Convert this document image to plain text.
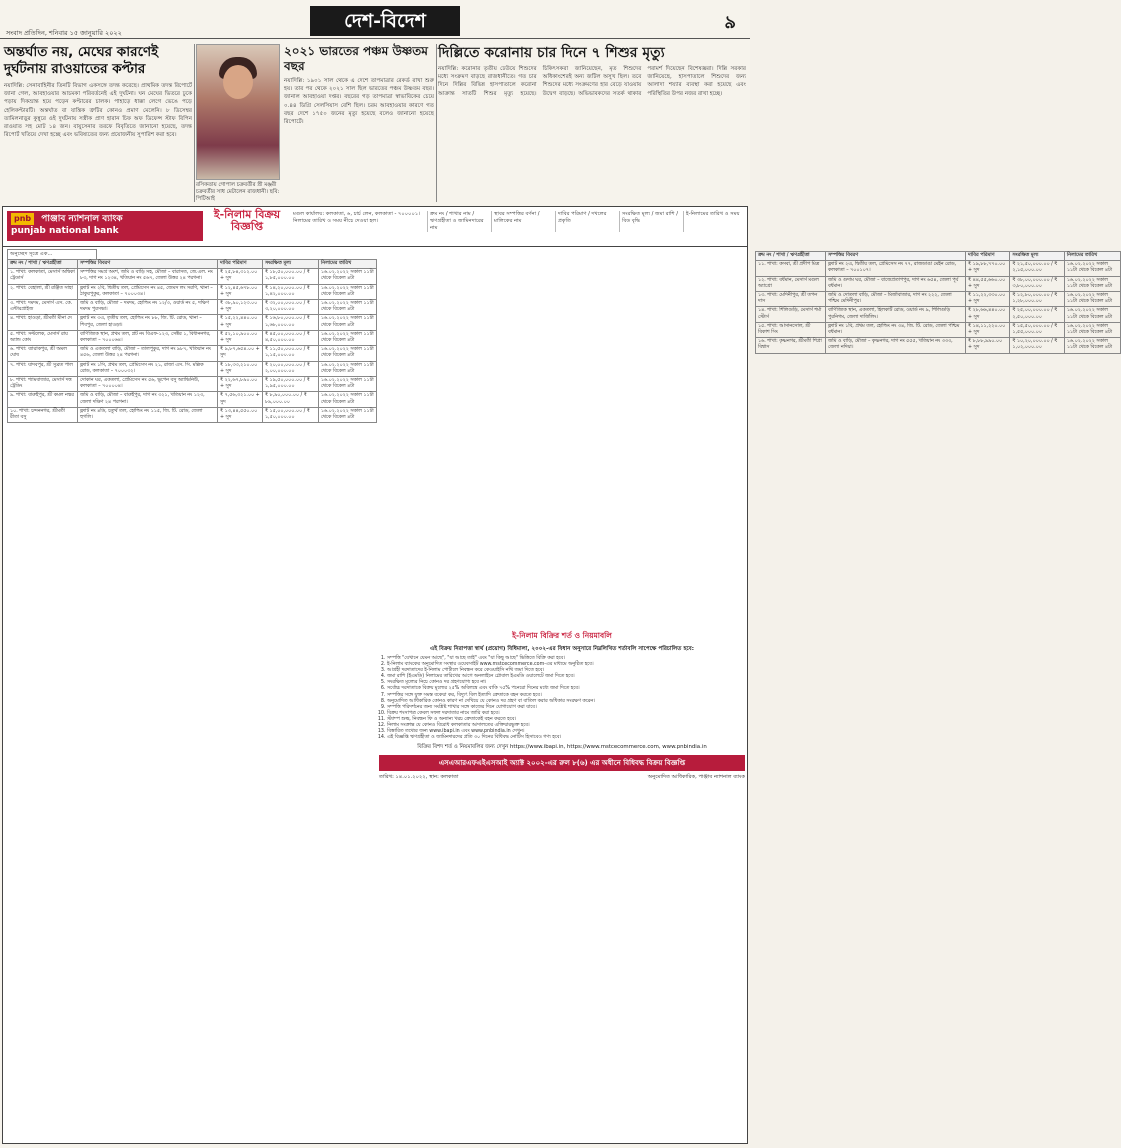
সংবাদ প্রতিদিন, শনিবার ১৫ জানুয়ারি ২০২২
দেশ-বিদেশ	৯
অন্তর্ঘাত নয়, মেঘের কারণেই দুর্ঘটনায় রাওয়াতের কপ্টার
নয়াদিল্লি: সেনাবাহিনীর তিনটি বিভাগ একসঙ্গে তদন্ত করেছে। প্রাথমিক তদন্ত রিপোর্টে জানা গেল, আবহাওয়ার আচমকা পরিবর্তনেই এই দুর্ঘটনা। ঘন মেঘের ভিতরে ঢুকে পড়ায় দিকভ্রান্ত হয়ে পড়েন কপ্টারের চালক। পাহাড়ে ধাক্কা লেগে ভেঙে পড়ে হেলিকপ্টারটি। অন্তর্ঘাত বা যান্ত্রিক ত্রুটির কোনও প্রমাণ মেলেনি। ৮ ডিসেম্বর তামিলনাড়ুর কুন্নুরে ওই দুর্ঘটনায় সস্ত্রীক প্রাণ হারান চিফ অফ ডিফেন্স স্টাফ বিপিন রাওয়াত সহ মোট ১৪ জন। বায়ুসেনার তরফে বিবৃতিতে জানানো হয়েছে, তদন্ত রিপোর্ট খতিয়ে দেখা হচ্ছে এবং ভবিষ্যতের জন্য প্রয়োজনীয় সুপারিশ করা হবে।
রসিকতায় গোপাল চক্রবর্তীর স্ত্রী মঞ্জরী চক্রবর্তীর সাধ মেটালেন রাজধানী। ছবি: পিটিআই
২০২১ ভারতের পঞ্চম উষ্ণতম বছর
নয়াদিল্লি: ১৯০১ সাল থেকে এ দেশে তাপমাত্রার রেকর্ড রাখা শুরু হয়। তার পর থেকে ২০২১ সাল ছিল ভারতের পঞ্চম উষ্ণতম বছর। জানাল আবহাওয়া দপ্তর। বছরের গড় তাপমাত্রা স্বাভাবিকের চেয়ে ০.৪৪ ডিগ্রি সেলসিয়াস বেশি ছিল। চরম আবহাওয়ার কারণে গত বছর দেশে ১৭৫০ জনের মৃত্যু হয়েছে বলেও জানানো হয়েছে রিপোর্টে।
দিল্লিতে করোনায় চার দিনে ৭ শিশুর মৃত্যু
নয়াদিল্লি: করোনার তৃতীয় ঢেউয়ে শিশুদের মধ্যে সংক্রমণ বাড়ছে রাজধানীতে। গত চার দিনে দিল্লির বিভিন্ন হাসপাতালে করোনা আক্রান্ত সাতটি শিশুর মৃত্যু হয়েছে। চিকিৎসকরা জানিয়েছেন, মৃত শিশুদের অধিকাংশেরই অন্য জটিল অসুখ ছিল। তবে শিশুদের মধ্যে সংক্রমণের হার বেড়ে যাওয়ায় উদ্বেগ বাড়ছে। অভিভাবকদের সতর্ক থাকার পরামর্শ দিয়েছেন বিশেষজ্ঞরা। দিল্লি সরকার জানিয়েছে, হাসপাতালে শিশুদের জন্য আলাদা শয্যার ব্যবস্থা করা হয়েছে এবং পরিস্থিতির উপর নজর রাখা হচ্ছে।
pnb পাঞ্জাব ন্যাশনাল ব্যাংক
punjab national bank
ই-নিলাম বিক্রয় বিজ্ঞপ্তি
মণ্ডল কার্যালয়: কলকাতা, ৬, চার্চ লেন, কলকাতা - ৭০০০০১। নিলামের তারিখ ও সময় নীচে দেওয়া হল।
ক্রম নং / শাখার নাম / ঋণগ্রহীতা ও জামিনদারের নাম
স্থাবর সম্পত্তির বর্ণনা / মালিকের নাম
দাবির পরিমাণ / দখলের প্রকৃতি
সংরক্ষিত মূল্য / জমা রাশি / বিড বৃদ্ধি
ই-নিলামের তারিখ ও সময়
অনুচ্ছেদ সূত্রে এক...
ক্রম নং / শাখা / ঋণগ্রহীতা	সম্পত্তির বিবরণ	দাবির পরিমাণ	সংরক্ষিত মূল্য	নিলামের তারিখ
১. শাখা: কলকাতা, মেসার্স অম্বিকা ট্রেডার্স	সম্পত্তির সমগ্র অংশ, জমি ও বাড়ি সহ, মৌজা – বারাসত, জে.এল. নং ৮৩, দাগ নং ১২৩৪, খতিয়ান নং ৫৬৭, জেলা উত্তর ২৪ পরগনা।	₹ ২৫,৮৪,৩১২.০০ + সুদ	₹ ১৮,৫০,০০০.০০ / ₹ ১,৮৫,০০০.০০	১৬.০২.২০২২ সকাল ১১টা থেকে বিকেল ৪টা
২. শাখা: বেহালা, শ্রী রঞ্জিত সাহা	ফ্ল্যাট নং ২বি, দ্বিতীয় তল, প্রেমিসেস নং ৪৫, জেমস লং সরণি, থানা – ঠাকুরপুকুর, কলকাতা – ৭০০০৩৪।	₹ ১২,৪৫,৬৭৮.০০ + সুদ	₹ ১৪,২০,০০০.০০ / ₹ ১,৪২,০০০.০০	১৬.০২.২০২২ সকাল ১১টা থেকে বিকেল ৪টা
৩. শাখা: দমদম, মেসার্স এস. কে. এন্টারপ্রাইজ	জমি ও বাড়ি, মৌজা – দমদম, হোল্ডিং নং ১২/৩, ওয়ার্ড নং ৫, দক্ষিণ দমদম পুরসভা।	₹ ৩৮,৯০,১২৩.০০ + সুদ	₹ ৩২,০০,০০০.০০ / ₹ ৩,২০,০০০.০০	১৬.০২.২০২২ সকাল ১১টা থেকে বিকেল ৪টা
৪. শাখা: হাওড়া, শ্রীমতী মীনা দে	ফ্ল্যাট নং ৩এ, তৃতীয় তল, হোল্ডিং নং ৮৮, জি. টি. রোড, থানা – শিবপুর, জেলা হাওড়া।	₹ ১৫,২২,৪৪০.০০ + সুদ	₹ ১৬,৮০,০০০.০০ / ₹ ১,৬৮,০০০.০০	১৬.০২.২০২২ সকাল ১১টা থেকে বিকেল ৪টা
৫. শাখা: সল্টলেক, মেসার্স রায় অ্যান্ড কোং	বাণিজ্যিক স্থান, প্রথম তল, প্লট নং বিএফ-১২৩, সেক্টর ১, বিধাননগর, কলকাতা – ৭০০০৬৪।	₹ ৫২,১০,৯০০.০০ + সুদ	₹ ৪৫,০০,০০০.০০ / ₹ ৪,৫০,০০০.০০	১৬.০২.২০২২ সকাল ১১টা থেকে বিকেল ৪টা
৬. শাখা: ব্যারাকপুর, শ্রী অমল ঘোষ	জমি ও একতলা বাড়ি, মৌজা – তালপুকুর, দাগ নং ৯৮৭, খতিয়ান নং ৪৫৬, জেলা উত্তর ২৪ পরগনা।	₹ ৯,৮৭,৬৫৪.০০ + সুদ	₹ ১১,৫০,০০০.০০ / ₹ ১,১৫,০০০.০০	১৬.০২.২০২২ সকাল ১১টা থেকে বিকেল ৪টা
৭. শাখা: যাদবপুর, শ্রী সুব্রত পাল	ফ্ল্যাট নং ১সি, প্রথম তল, প্রেমিসেস নং ২১, রাজা এস. সি. মল্লিক রোড, কলকাতা – ৭০০০৩২।	₹ ১৮,৩৩,২১০.০০ + সুদ	₹ ২০,০০,০০০.০০ / ₹ ২,০০,০০০.০০	১৬.০২.২০২২ সকাল ১১টা থেকে বিকেল ৪টা
৮. শাখা: শ্যামবাজার, মেসার্স দত্ত ট্রেডিং	দোকান ঘর, একতলা, প্রেমিসেস নং ৫৬, ভূপেন বসু অ্যাভিনিউ, কলকাতা – ৭০০০০৪।	₹ ২২,৬৭,৮৯০.০০ + সুদ	₹ ১৯,৫০,০০০.০০ / ₹ ১,৯৫,০০০.০০	১৬.০২.২০২২ সকাল ১১টা থেকে বিকেল ৪টা
৯. শাখা: বারুইপুর, শ্রী কমল নস্কর	জমি ও বাড়ি, মৌজা – বারুইপুর, দাগ নং ৩২১, খতিয়ান নং ১২৩, জেলা দক্ষিণ ২৪ পরগনা।	₹ ৭,৫৬,৩২১.০০ + সুদ	₹ ৮,৯০,০০০.০০ / ₹ ৮৯,০০০.০০	১৬.০২.২০২২ সকাল ১১টা থেকে বিকেল ৪টা
১০. শাখা: চন্দননগর, শ্রীমতী রীতা বসু	ফ্ল্যাট নং ৪ডি, চতুর্থ তল, হোল্ডিং নং ১১৫, জি. টি. রোড, জেলা হুগলি।	₹ ১৩,৪৪,৫৫০.০০ + সুদ	₹ ১৫,০০,০০০.০০ / ₹ ১,৫০,০০০.০০	১৬.০২.২০২২ সকাল ১১টা থেকে বিকেল ৪টা
ক্রম নং / শাখা / ঋণগ্রহীতা	সম্পত্তির বিবরণ	দাবির পরিমাণ	সংরক্ষিত মূল্য	নিলামের তারিখ
১১. শাখা: কসবা, শ্রী প্রদীপ মিত্র	ফ্ল্যাট নং ২এ, দ্বিতীয় তল, প্রেমিসেস নং ৭৭, রাজডাঙা মেইন রোড, কলকাতা – ৭০০১০৭।	₹ ১৯,৮৮,৭৭০.০০ + সুদ	₹ ২১,৫০,০০০.০০ / ₹ ২,১৫,০০০.০০	১৬.০২.২০২২ সকাল ১১টা থেকে বিকেল ৪টা
১২. শাখা: বর্ধমান, মেসার্স মণ্ডল অ্যাগ্রো	জমি ও গুদাম ঘর, মৌজা – বাজেপ্রতাপপুর, দাগ নং ৬৫৪, জেলা পূর্ব বর্ধমান।	₹ ৪৪,৫৫,৬৬০.০০ + সুদ	₹ ৩৮,০০,০০০.০০ / ₹ ৩,৮০,০০০.০০	১৬.০২.২০২২ সকাল ১১টা থেকে বিকেল ৪টা
১৩. শাখা: মেদিনীপুর, শ্রী তপন দাস	জমি ও দোতলা বাড়ি, মৌজা – মির্জাবাজার, দাগ নং ২২২, জেলা পশ্চিম মেদিনীপুর।	₹ ১১,২২,৩৩০.০০ + সুদ	₹ ১২,৮০,০০০.০০ / ₹ ১,২৮,০০০.০০	১৬.০২.২০২২ সকাল ১১টা থেকে বিকেল ৪টা
১৪. শাখা: শিলিগুড়ি, মেসার্স শর্মা স্টোর্স	বাণিজ্যিক স্থান, একতলা, হিলকার্ট রোড, ওয়ার্ড নং ৯, শিলিগুড়ি পুরনিগম, জেলা দার্জিলিং।	₹ ২৮,৬৬,৪৪০.০০ + সুদ	₹ ২৫,০০,০০০.০০ / ₹ ২,৫০,০০০.০০	১৬.০২.২০২২ সকাল ১১টা থেকে বিকেল ৪টা
১৫. শাখা: আসানসোল, শ্রী বিকাশ সিং	ফ্ল্যাট নং ১বি, প্রথম তল, হোল্ডিং নং ৩৪, জি. টি. রোড, জেলা পশ্চিম বর্ধমান।	₹ ১৪,১১,২২০.০০ + সুদ	₹ ১৫,৫০,০০০.০০ / ₹ ১,৫৫,০০০.০০	১৬.০২.২০২২ সকাল ১১টা থেকে বিকেল ৪টা
১৬. শাখা: কৃষ্ণনগর, শ্রীমতী শিপ্রা বিশ্বাস	জমি ও বাড়ি, মৌজা – কৃষ্ণনগর, দাগ নং ৫৫৫, খতিয়ান নং ৩৩৩, জেলা নদিয়া।	₹ ৮,৮৮,৯৯০.০০ + সুদ	₹ ১০,২০,০০০.০০ / ₹ ১,০২,০০০.০০	১৬.০২.২০২২ সকাল ১১টা থেকে বিকেল ৪টা
ই-নিলাম বিক্রির শর্ত ও নিয়মাবলি
এই বিক্রয় নিরাপত্তা স্বার্থ (প্রয়োগ) বিধিমালা, ২০০২-এর বিধান অনুসারে নিম্নলিখিত শর্তাবলি সাপেক্ষে পরিচালিত হবে:
1. সম্পত্তি "যেখানে যেমন আছে", "যা আছে তাই" এবং "যা কিছু আছে" ভিত্তিতে বিক্রি করা হবে।
2. ই-নিলাম ব্যাংকের অনুমোদিত সংস্থার ওয়েবসাইট www.mstcecommerce.com-এর মাধ্যমে অনুষ্ঠিত হবে।
3. আগ্রহী দরদাতাদের ই-নিলাম পোর্টালে নিবন্ধন করে কেওয়াইসি নথি জমা দিতে হবে।
4. জমা রাশি (ইএমডি) নিলামের তারিখের আগে অনলাইনে গ্লোবাল ইএমডি ওয়ালেটে জমা দিতে হবে।
5. সংরক্ষিত মূল্যের নিচে কোনও দর গ্রহণযোগ্য হবে না।
6. সর্বোচ্চ দরদাতাকে বিক্রয় মূল্যের ২৫% অবিলম্বে এবং বাকি ৭৫% পনেরো দিনের মধ্যে জমা দিতে হবে।
7. সম্পত্তির সঙ্গে যুক্ত সমস্ত বকেয়া কর, বিদ্যুৎ বিল ইত্যাদি ক্রেতাকে বহন করতে হবে।
8. অনুমোদিত আধিকারিক কোনও কারণ না দেখিয়ে যে কোনও দর গ্রহণ বা বাতিল করার অধিকার সংরক্ষণ করেন।
9. সম্পত্তি পরিদর্শনের জন্য সংশ্লিষ্ট শাখার সঙ্গে কাজের দিনে যোগাযোগ করা যাবে।
10. বিক্রয় শংসাপত্র কেবল সফল দরদাতার নামে জারি করা হবে।
11. স্ট্যাম্প শুল্ক, নিবন্ধন ফি ও অন্যান্য খরচ ক্রেতাকেই বহন করতে হবে।
12. নিলাম সংক্রান্ত যে কোনও বিরোধ কলকাতার আদালতের এক্তিয়ারভুক্ত হবে।
13. বিস্তারিত তথ্যের জন্য www.ibapi.in এবং www.pnbindia.in দেখুন।
14. এই বিজ্ঞপ্তি ঋণগ্রহীতা ও জামিনদারদের প্রতি ৩০ দিনের বিধিবদ্ধ নোটিস হিসাবেও গণ্য হবে।
বিক্রির বিশদ শর্ত ও নিয়মাবলির জন্য দেখুন https://www.ibapi.in, https://www.mstcecommerce.com, www.pnbindia.in
এসএআরএফএইএসআই অ্যাক্ট ২০০২-এর রুল ৮(৬) এর অধীনে বিধিবদ্ধ বিক্রয় বিজ্ঞপ্তি
তারিখ: ১৪.০১.২০২২, স্থান: কলকাতা	অনুমোদিত আধিকারিক, পাঞ্জাব ন্যাশনাল ব্যাংক
